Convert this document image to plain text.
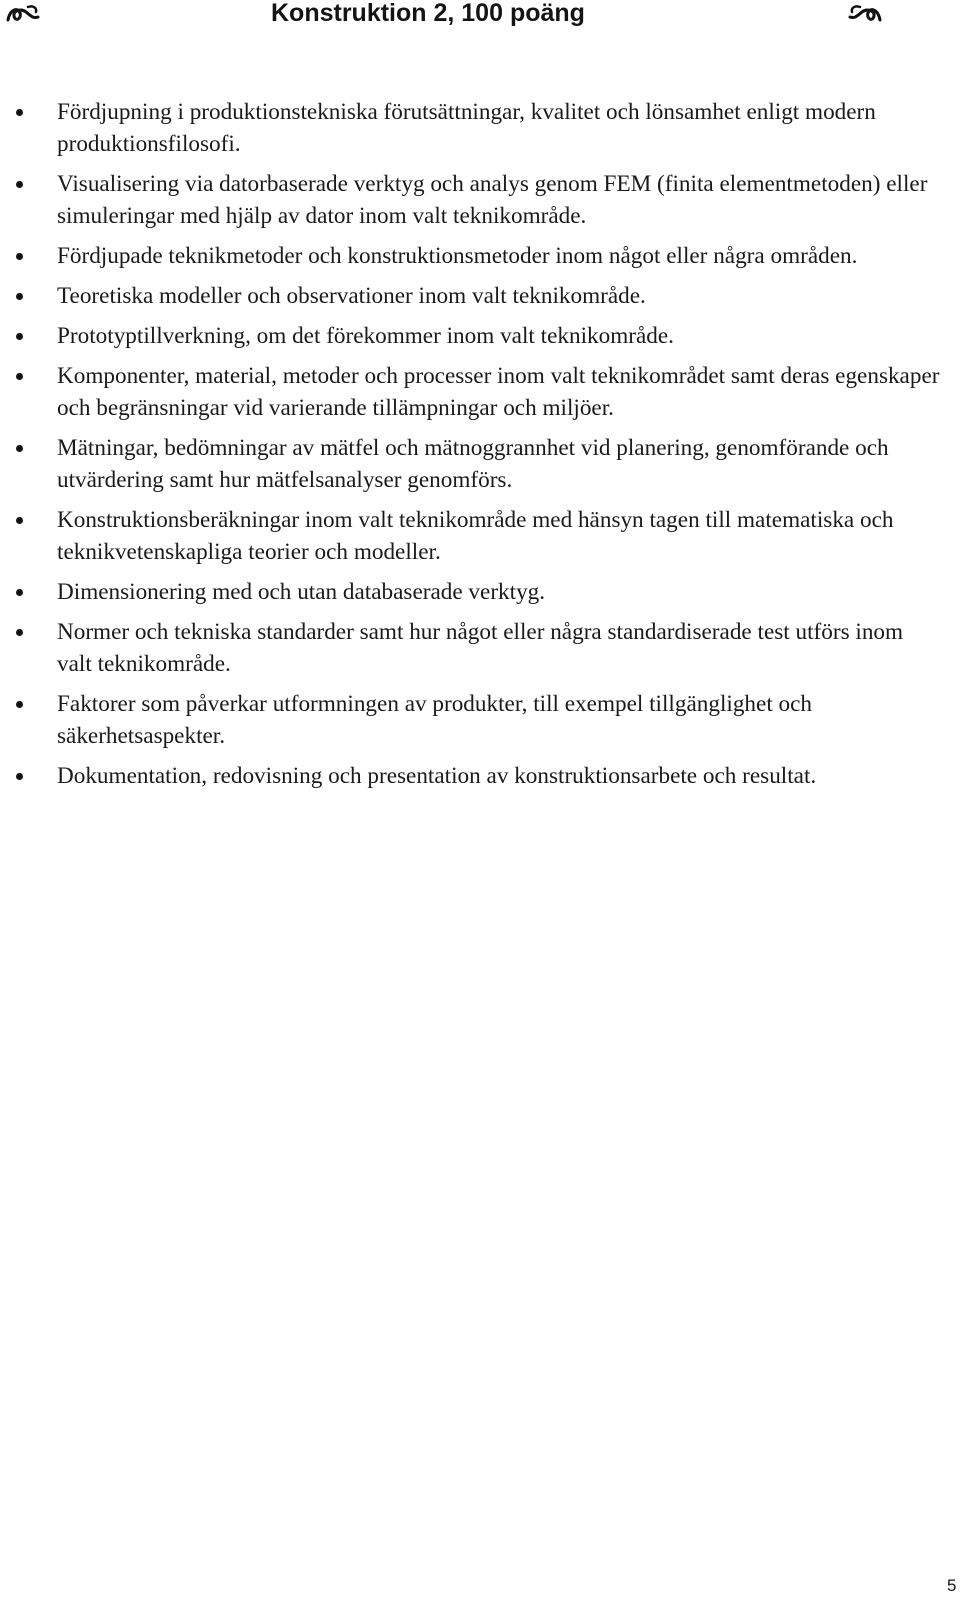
Konstruktion 2, 100 poäng
Fördjupning i produktionstekniska förutsättningar, kvalitet och lönsamhet enligt modern produktionsfilosofi.
Visualisering via datorbaserade verktyg och analys genom FEM (finita elementmetoden) eller simuleringar med hjälp av dator inom valt teknikområde.
Fördjupade teknikmetoder och konstruktionsmetoder inom något eller några områden.
Teoretiska modeller och observationer inom valt teknikområde.
Prototyptillverkning, om det förekommer inom valt teknikområde.
Komponenter, material, metoder och processer inom valt teknikområdet samt deras egenskaper och begränsningar vid varierande tillämpningar och miljöer.
Mätningar, bedömningar av mätfel och mätnoggrannhet vid planering, genomförande och utvärdering samt hur mätfelsanalyser genomförs.
Konstruktionsberäkningar inom valt teknikområde med hänsyn tagen till matematiska och teknikvetenskapliga teorier och modeller.
Dimensionering med och utan databaserade verktyg.
Normer och tekniska standarder samt hur något eller några standardiserade test utförs inom valt teknikområde.
Faktorer som påverkar utformningen av produkter, till exempel tillgänglighet och säkerhetsaspekter.
Dokumentation, redovisning och presentation av konstruktionsarbete och resultat.
5
